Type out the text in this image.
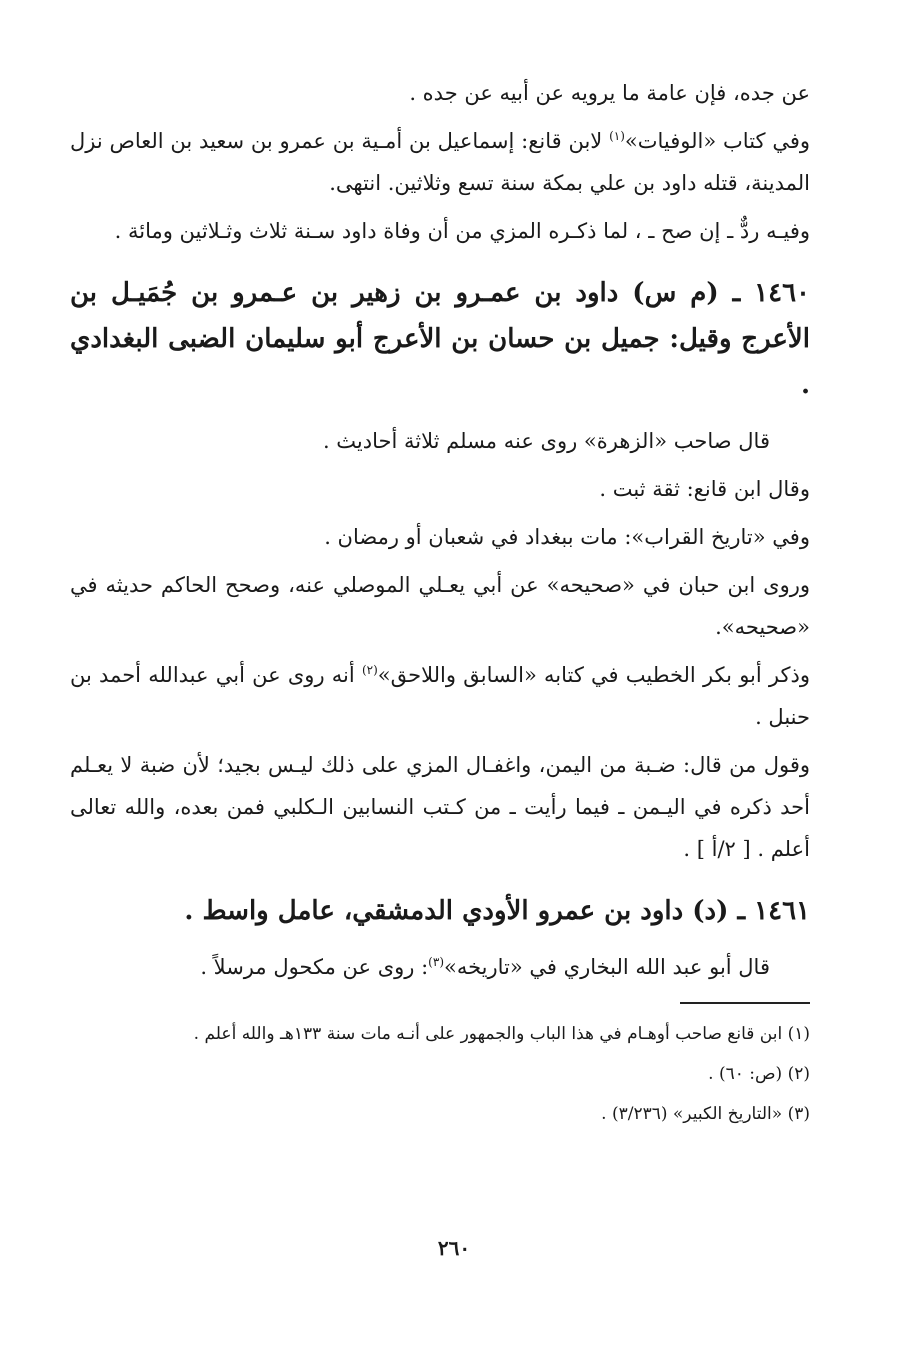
عن جده، فإن عامة ما يرويه عن أبيه عن جده .

وفي كتاب «الوفيات»$^{(١)}$ لابن قانع: إسماعيل بن أمـية بن عمرو بن سعيد بن العاص نزل المدينة، قتله داود بن علي بمكة سنة تسع وثلاثين. انتهى.

وفيـه ردٌّ ـ إن صح ـ ، لما ذكـره المزي من أن وفاة داود سـنة ثلاث وثـلاثين ومائة .

١٤٦٠ ـ (م س) داود بن عمـرو بن زهير بن عـمرو بن جُمَيـل بن الأعرج وقيل: جميل بن حسان بن الأعرج أبو سليمان الضبى البغدادي .

قال صاحب «الزهرة» روى عنه مسلم ثلاثة أحاديث .

وقال ابن قانع: ثقة ثبت .

وفي «تاريخ القراب»: مات ببغداد في شعبان أو رمضان .

وروى ابن حبان في «صحيحه» عن أبي يعـلي الموصلي عنه، وصحح الحاكم حديثه في «صحيحه».

وذكر أبو بكر الخطيب في كتابه «السابق واللاحق»$^{(٢)}$ أنه روى عن أبي عبدالله أحمد بن حنبل .

وقول من قال: ضـبة من اليمن، واغفـال المزي على ذلك ليـس بجيد؛ لأن ضبة لا يعـلم أحد ذكره في اليـمن ـ فيما رأيت ـ من كـتب النسابين الـكلبي فمن بعده، والله تعالى أعلم . [ ٢/أ ] .

١٤٦١ ـ (د) داود بن عمرو الأودي الدمشقي، عامل واسط .

قال أبو عبد الله البخاري في «تاريخه»$^{(٣)}$: روى عن مكحول مرسلاً .

(١) ابن قانع صاحب أوهـام في هذا الباب والجمهور على أنـه مات سنة ١٣٣هـ والله أعلم .

(٢) (ص: ٦٠) .

(٣) «التاريخ الكبير» (٣/٢٣٦) .

٢٦٠
